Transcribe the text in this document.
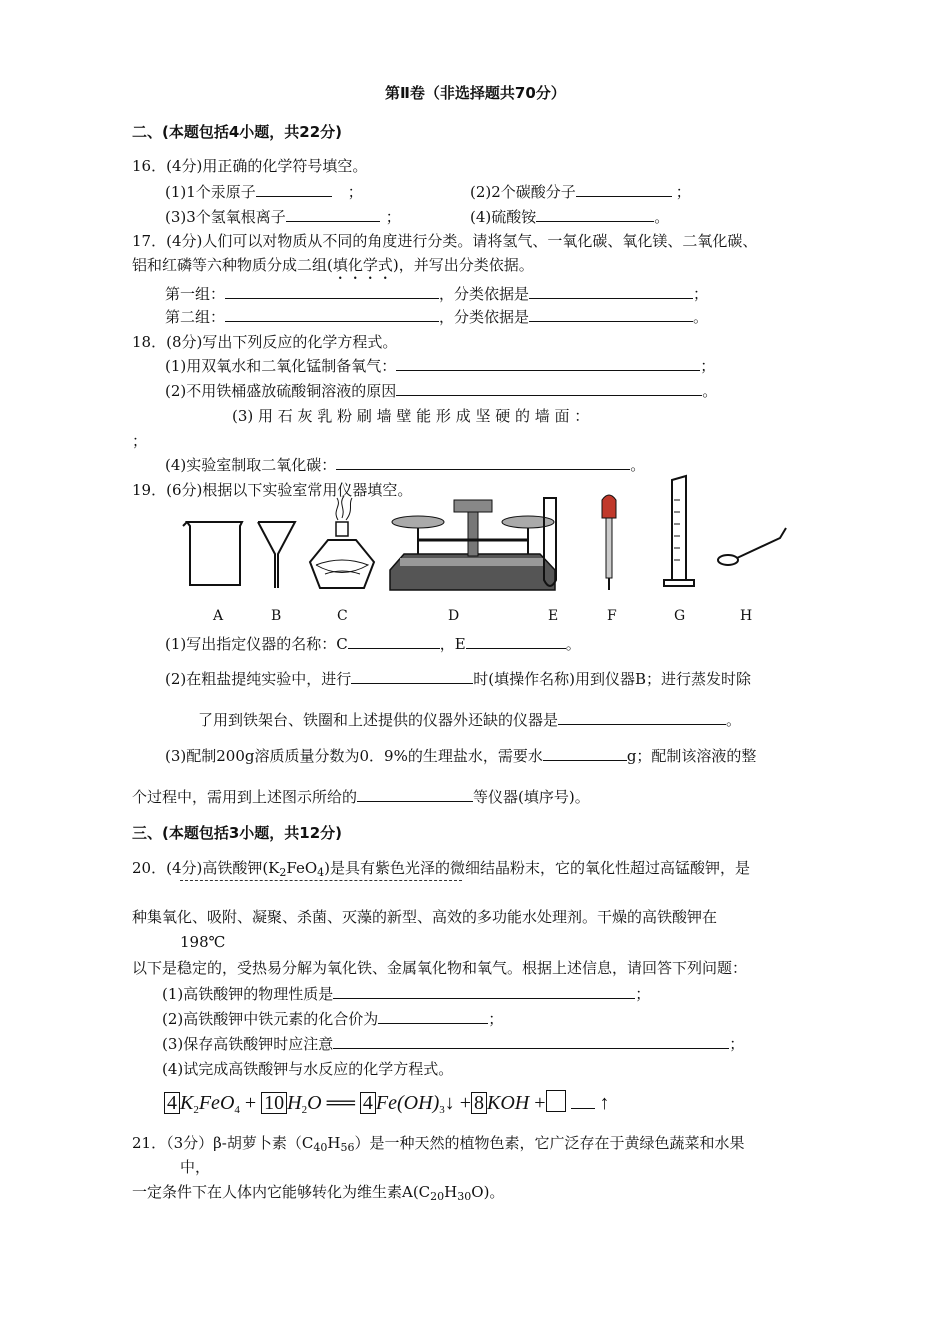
第Ⅱ卷（非选择题共70分）
二、(本题包括4小题，共22分)
16．(4分)用正确的化学符号填空。
(1)1个汞原子	；	(2)2个碳酸分子	；
(3)3个氢氧根离子	；	(4)硫酸铵	。
17．(4分)人们可以对物质从不同的角度进行分类。请将氢气、一氧化碳、氧化镁、二氧化碳、
铝和红磷等六种物质分成二组(填化学式)，并写出分类依据。
第一组：	，分类依据是	；
第二组：	，分类依据是	。
18．(8分)写出下列反应的化学方程式。
(1)用双氧水和二氧化锰制备氧气：	；
(2)不用铁桶盛放硫酸铜溶液的原因	。
(3) 用 石 灰 乳 粉 刷 墙 壁 能 形 成 坚 硬 的 墙 面 ：
；
(4)实验室制取二氧化碳：	。
19．(6分)根据以下实验室常用仪器填空。
A	B	C	D	E	F	G	H
(1)写出指定仪器的名称：C	，E	。
(2)在粗盐提纯实验中，进行	时(填操作名称)用到仪器B；进行蒸发时除
了用到铁架台、铁圈和上述提供的仪器外还缺的仪器是	。
(3)配制200g溶质质量分数为0．9%的生理盐水，需要水	g；配制该溶液的整
个过程中，需用到上述图示所给的	等仪器(填序号)。
三、(本题包括3小题，共12分)
20．(4分)高铁酸钾$(K_2FeO_4)$是具有紫色光泽的微细结晶粉末，它的氧化性超过高锰酸钾，是
种集氧化、吸附、凝聚、杀菌、灭藻的新型、高效的多功能水处理剂。干燥的高铁酸钾在
198℃
以下是稳定的，受热易分解为氧化铁、金属氧化物和氧气。根据上述信息，请回答下列问题：
(1)高铁酸钾的物理性质是	；
(2)高铁酸钾中铁元素的化合价为	；
(3)保存高铁酸钾时应注意	；
(4)试完成高铁酸钾与水反应的化学方程式。
4 $K_2FeO_4 + 10$ $H_2O$ ══ 4 $Fe(OH)_3↓ + 8$ KOH +	↑
21．（3分）β-胡萝卜素$(C_{40}H_{56})$是一种天然的植物色素，它广泛存在于黄绿色蔬菜和水果
中，
一定条件下在人体内它能够转化为维生素$A(C_{20}H_{30}O)$。
